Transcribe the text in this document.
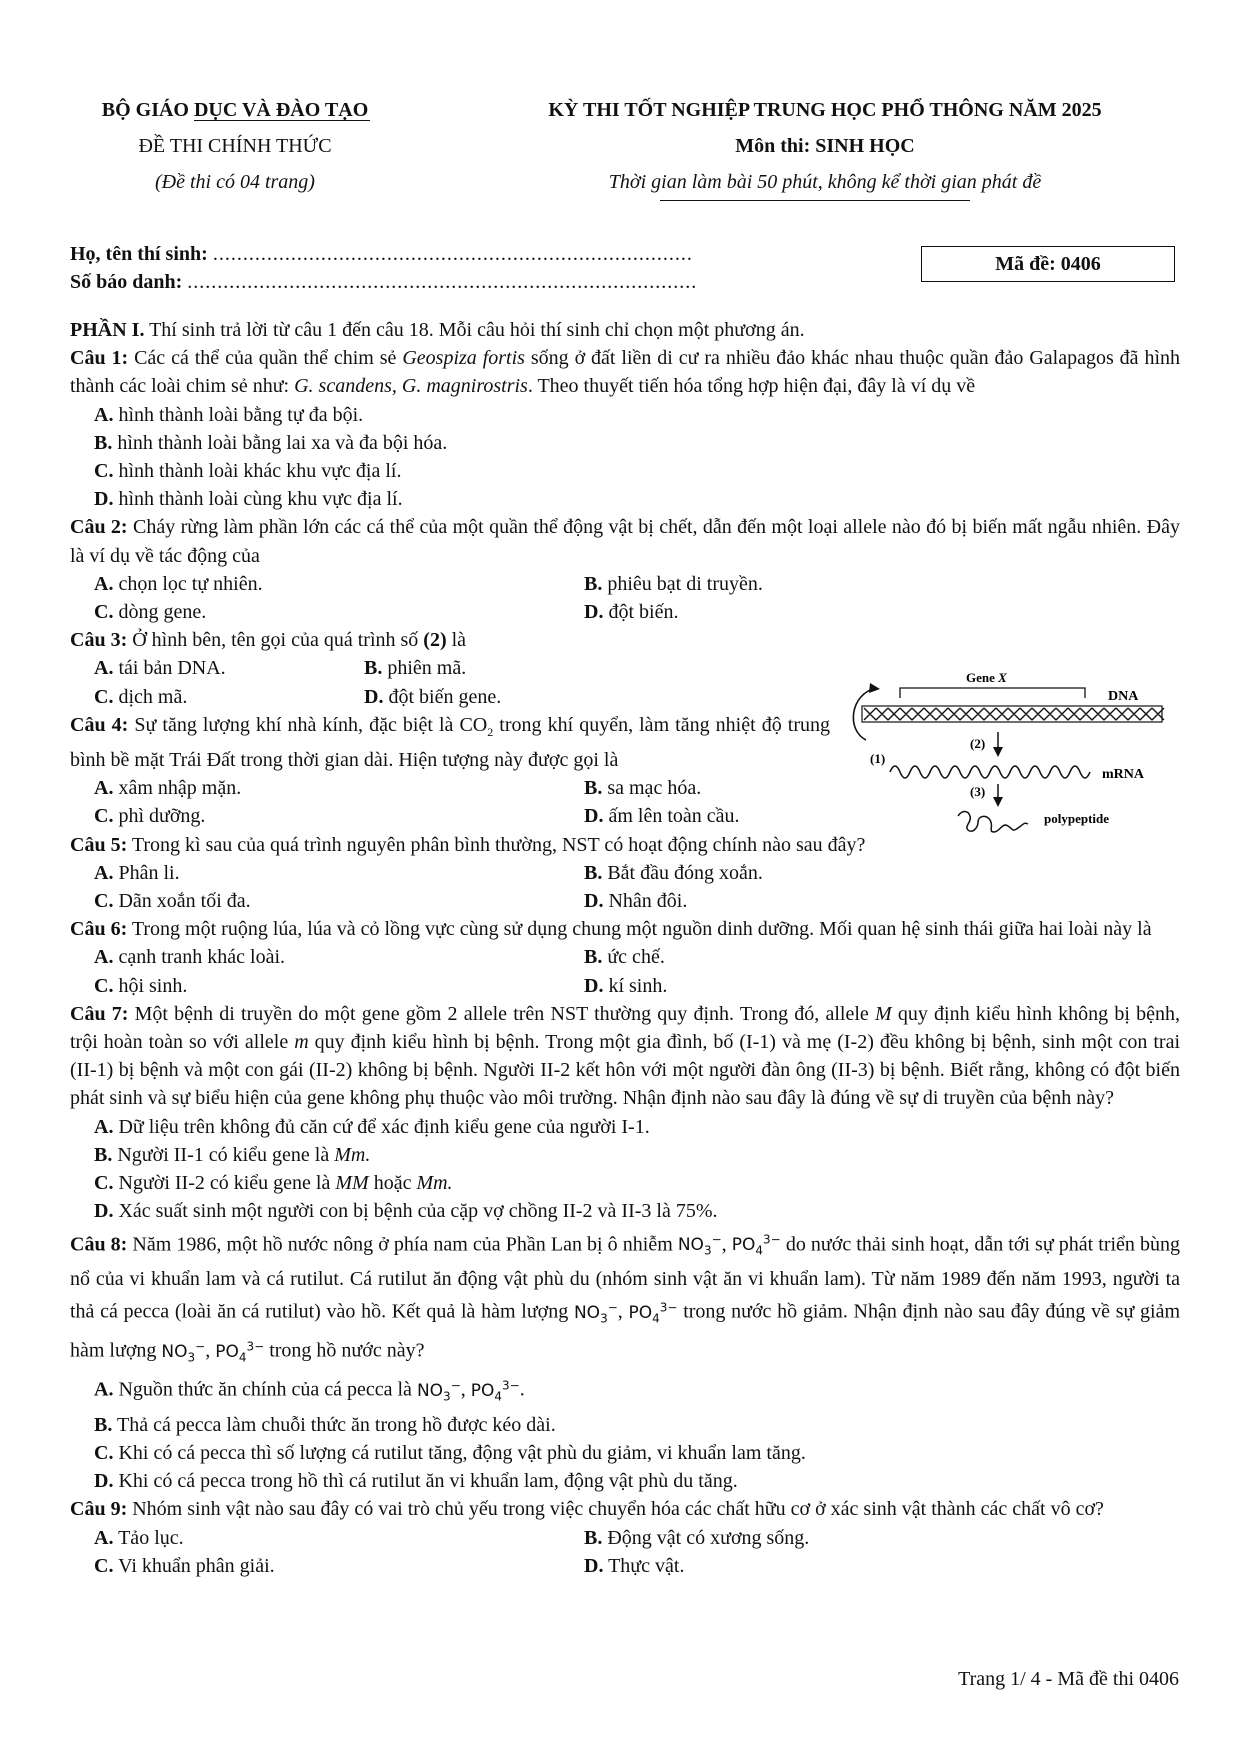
BỘ GIÁO DỤC VÀ ĐÀO TẠO
ĐỀ THI CHÍNH THỨC
(Đề thi có 04 trang)
KỲ THI TỐT NGHIỆP TRUNG HỌC PHỔ THÔNG NĂM 2025
Môn thi: SINH HỌC
Thời gian làm bài 50 phút, không kể thời gian phát đề
Họ, tên thí sinh: ................................................................................
Số báo danh: .....................................................................................
Mã đề: 0406
Gene X
DNA
(1)
(2)
mRNA
(3)
polypeptide

PHẦN I. Thí sinh trả lời từ câu 1 đến câu 18. Mỗi câu hỏi thí sinh chỉ chọn một phương án.

Câu 1: Các cá thể của quần thể chim sẻ Geospiza fortis sống ở đất liền di cư ra nhiều đảo khác nhau thuộc quần đảo Galapagos đã hình thành các loài chim sẻ như: G. scandens, G. magnirostris. Theo thuyết tiến hóa tổng hợp hiện đại, đây là ví dụ về

A. hình thành loài bằng tự đa bội.

B. hình thành loài bằng lai xa và đa bội hóa.

C. hình thành loài khác khu vực địa lí.

D. hình thành loài cùng khu vực địa lí.

Câu 2: Cháy rừng làm phần lớn các cá thể của một quần thể động vật bị chết, dẫn đến một loại allele nào đó bị biến mất ngẫu nhiên. Đây là ví dụ về tác động của

A. chọn lọc tự nhiên.	B. phiêu bạt di truyền.
C. dòng gene.	D. đột biến.

Câu 3: Ở hình bên, tên gọi của quá trình số (2) là

A. tái bản DNA.	B. phiên mã.
C. dịch mã.	D. đột biến gene.

Câu 4: Sự tăng lượng khí nhà kính, đặc biệt là $CO_2$ trong khí quyển, làm tăng nhiệt độ trung bình bề mặt Trái Đất trong thời gian dài. Hiện tượng này được gọi là

A. xâm nhập mặn.	B. sa mạc hóa.
C. phì dưỡng.	D. ấm lên toàn cầu.

Câu 5: Trong kì sau của quá trình nguyên phân bình thường, NST có hoạt động chính nào sau đây?

A. Phân li.	B. Bắt đầu đóng xoắn.
C. Dãn xoắn tối đa.	D. Nhân đôi.

Câu 6: Trong một ruộng lúa, lúa và cỏ lồng vực cùng sử dụng chung một nguồn dinh dưỡng. Mối quan hệ sinh thái giữa hai loài này là

A. cạnh tranh khác loài.	B. ức chế.
C. hội sinh.	D. kí sinh.

Câu 7: Một bệnh di truyền do một gene gồm 2 allele trên NST thường quy định. Trong đó, allele M quy định kiểu hình không bị bệnh, trội hoàn toàn so với allele m quy định kiểu hình bị bệnh. Trong một gia đình, bố (I-1) và mẹ (I-2) đều không bị bệnh, sinh một con trai (II-1) bị bệnh và một con gái (II-2) không bị bệnh. Người II-2 kết hôn với một người đàn ông (II-3) bị bệnh. Biết rằng, không có đột biến phát sinh và sự biểu hiện của gene không phụ thuộc vào môi trường. Nhận định nào sau đây là đúng về sự di truyền của bệnh này?

A. Dữ liệu trên không đủ căn cứ để xác định kiểu gene của người I-1.

B. Người II-1 có kiểu gene là Mm.

C. Người II-2 có kiểu gene là MM hoặc Mm.

D. Xác suất sinh một người con bị bệnh của cặp vợ chồng II-2 và II-3 là 75%.

Câu 8: Năm 1986, một hồ nước nông ở phía nam của Phần Lan bị ô nhiễm $NO_3^-$, $PO_4^{3-}$ do nước thải sinh hoạt, dẫn tới sự phát triển bùng nổ của vi khuẩn lam và cá rutilut. Cá rutilut ăn động vật phù du (nhóm sinh vật ăn vi khuẩn lam). Từ năm 1989 đến năm 1993, người ta thả cá pecca (loài ăn cá rutilut) vào hồ. Kết quả là hàm lượng $NO_3^-$, $PO_4^{3-}$ trong nước hồ giảm. Nhận định nào sau đây đúng về sự giảm hàm lượng $NO_3^-$, $PO_4^{3-}$ trong hồ nước này?

A. Nguồn thức ăn chính của cá pecca là $NO_3^-$, $PO_4^{3-}$.

B. Thả cá pecca làm chuỗi thức ăn trong hồ được kéo dài.

C. Khi có cá pecca thì số lượng cá rutilut tăng, động vật phù du giảm, vi khuẩn lam tăng.

D. Khi có cá pecca trong hồ thì cá rutilut ăn vi khuẩn lam, động vật phù du tăng.

Câu 9: Nhóm sinh vật nào sau đây có vai trò chủ yếu trong việc chuyển hóa các chất hữu cơ ở xác sinh vật thành các chất vô cơ?

A. Tảo lục.	B. Động vật có xương sống.
C. Vi khuẩn phân giải.	D. Thực vật.
Trang 1/ 4 - Mã đề thi 0406
